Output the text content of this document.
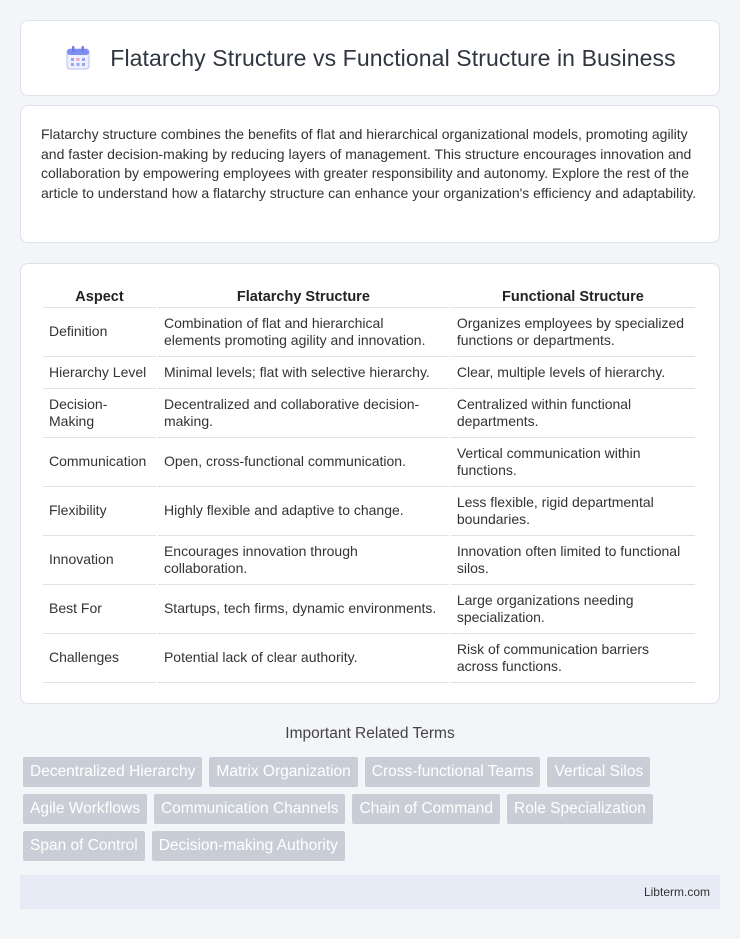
Flatarchy Structure vs Functional Structure in Business

Flatarchy structure combines the benefits of flat and hierarchical organizational models, promoting agility and faster decision-making by reducing layers of management. This structure encourages innovation and collaboration by empowering employees with greater responsibility and autonomy. Explore the rest of the article to understand how a flatarchy structure can enhance your organization's efficiency and adaptability.

Aspect	Flatarchy Structure	Functional Structure
Definition	Combination of flat and hierarchical elements promoting agility and innovation.	Organizes employees by specialized functions or departments.
Hierarchy Level	Minimal levels; flat with selective hierarchy.	Clear, multiple levels of hierarchy.
Decision-Making	Decentralized and collaborative decision-making.	Centralized within functional departments.
Communication	Open, cross-functional communication.	Vertical communication within functions.
Flexibility	Highly flexible and adaptive to change.	Less flexible, rigid departmental boundaries.
Innovation	Encourages innovation through collaboration.	Innovation often limited to functional silos.
Best For	Startups, tech firms, dynamic environments.	Large organizations needing specialization.
Challenges	Potential lack of clear authority.	Risk of communication barriers across functions.
Important Related Terms
Decentralized Hierarchy	Matrix Organization	Cross-functional Teams	Vertical Silos
Agile Workflows	Communication Channels	Chain of Command	Role Specialization
Span of Control	Decision-making Authority
Libterm.com
